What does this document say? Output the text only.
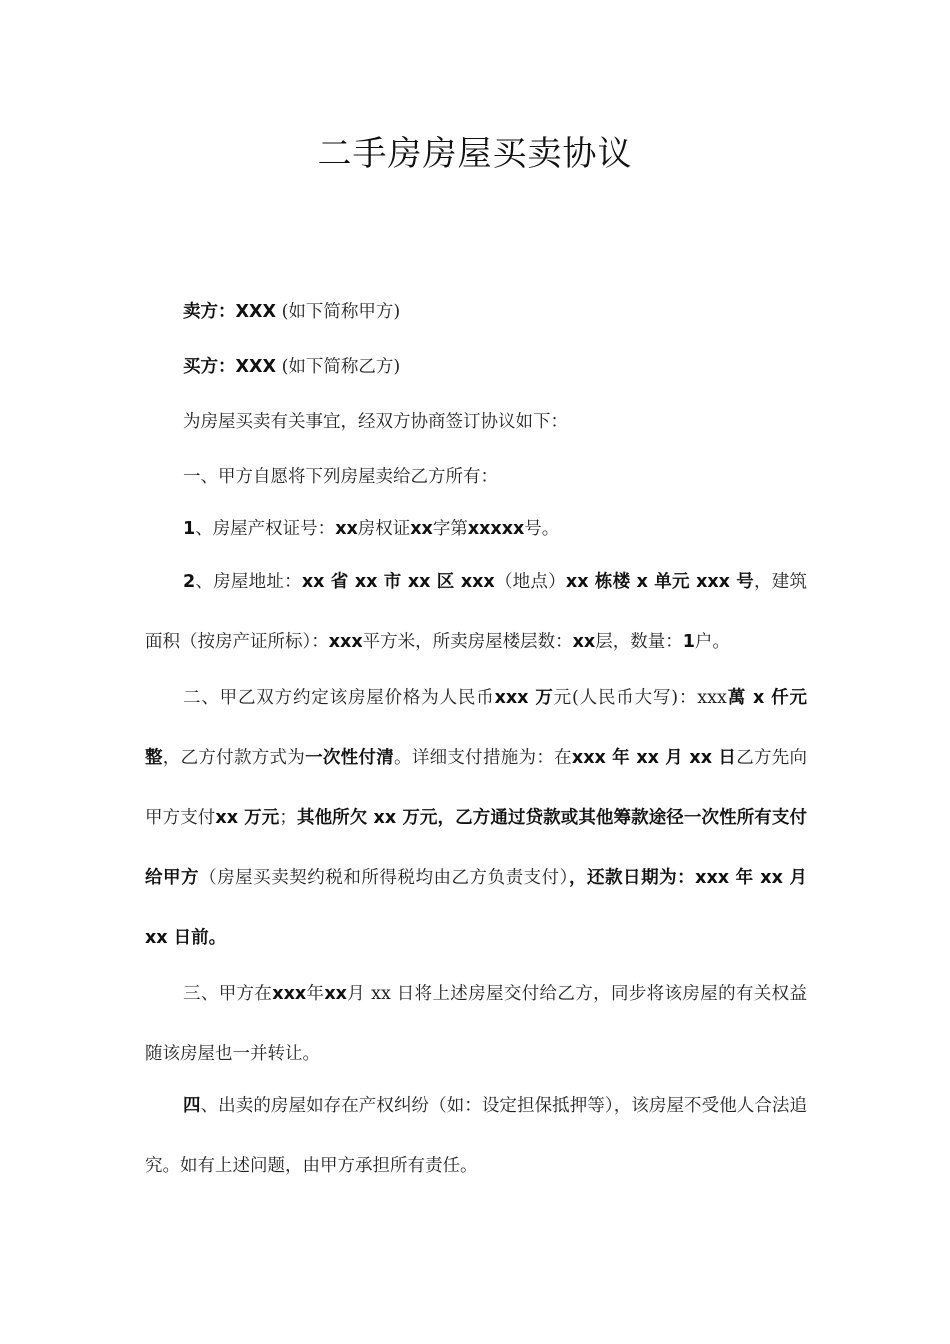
二手房房屋买卖协议
卖方：XXX (如下简称甲方)
买方：XXX (如下简称乙方)
为房屋买卖有关事宜，经双方协商签订协议如下：
一、甲方自愿将下列房屋卖给乙方所有：
1、房屋产权证号：xx房权证xx字第xxxxx号。
2、房屋地址：xx 省 xx 市 xx 区 xxx（地点）xx 栋楼 x 单元 xxx 号，建筑面积（按房产证所标）：xxx平方米，所卖房屋楼层数：xx层，数量：1户。
二、甲乙双方约定该房屋价格为人民币xxx 万元(人民币大写)：xxx萬 x 仟元整，乙方付款方式为一次性付清。详细支付措施为：在xxx 年 xx 月 xx 日乙方先向甲方支付xx 万元；其他所欠 xx 万元，乙方通过贷款或其他筹款途径一次性所有支付给甲方（房屋买卖契约税和所得税均由乙方负责支付），还款日期为：xxx 年 xx 月 xx 日前。
三、甲方在xxx年xx月 xx 日将上述房屋交付给乙方，同步将该房屋的有关权益随该房屋也一并转让。
四、出卖的房屋如存在产权纠纷（如：设定担保抵押等），该房屋不受他人合法追究。如有上述问题，由甲方承担所有责任。
